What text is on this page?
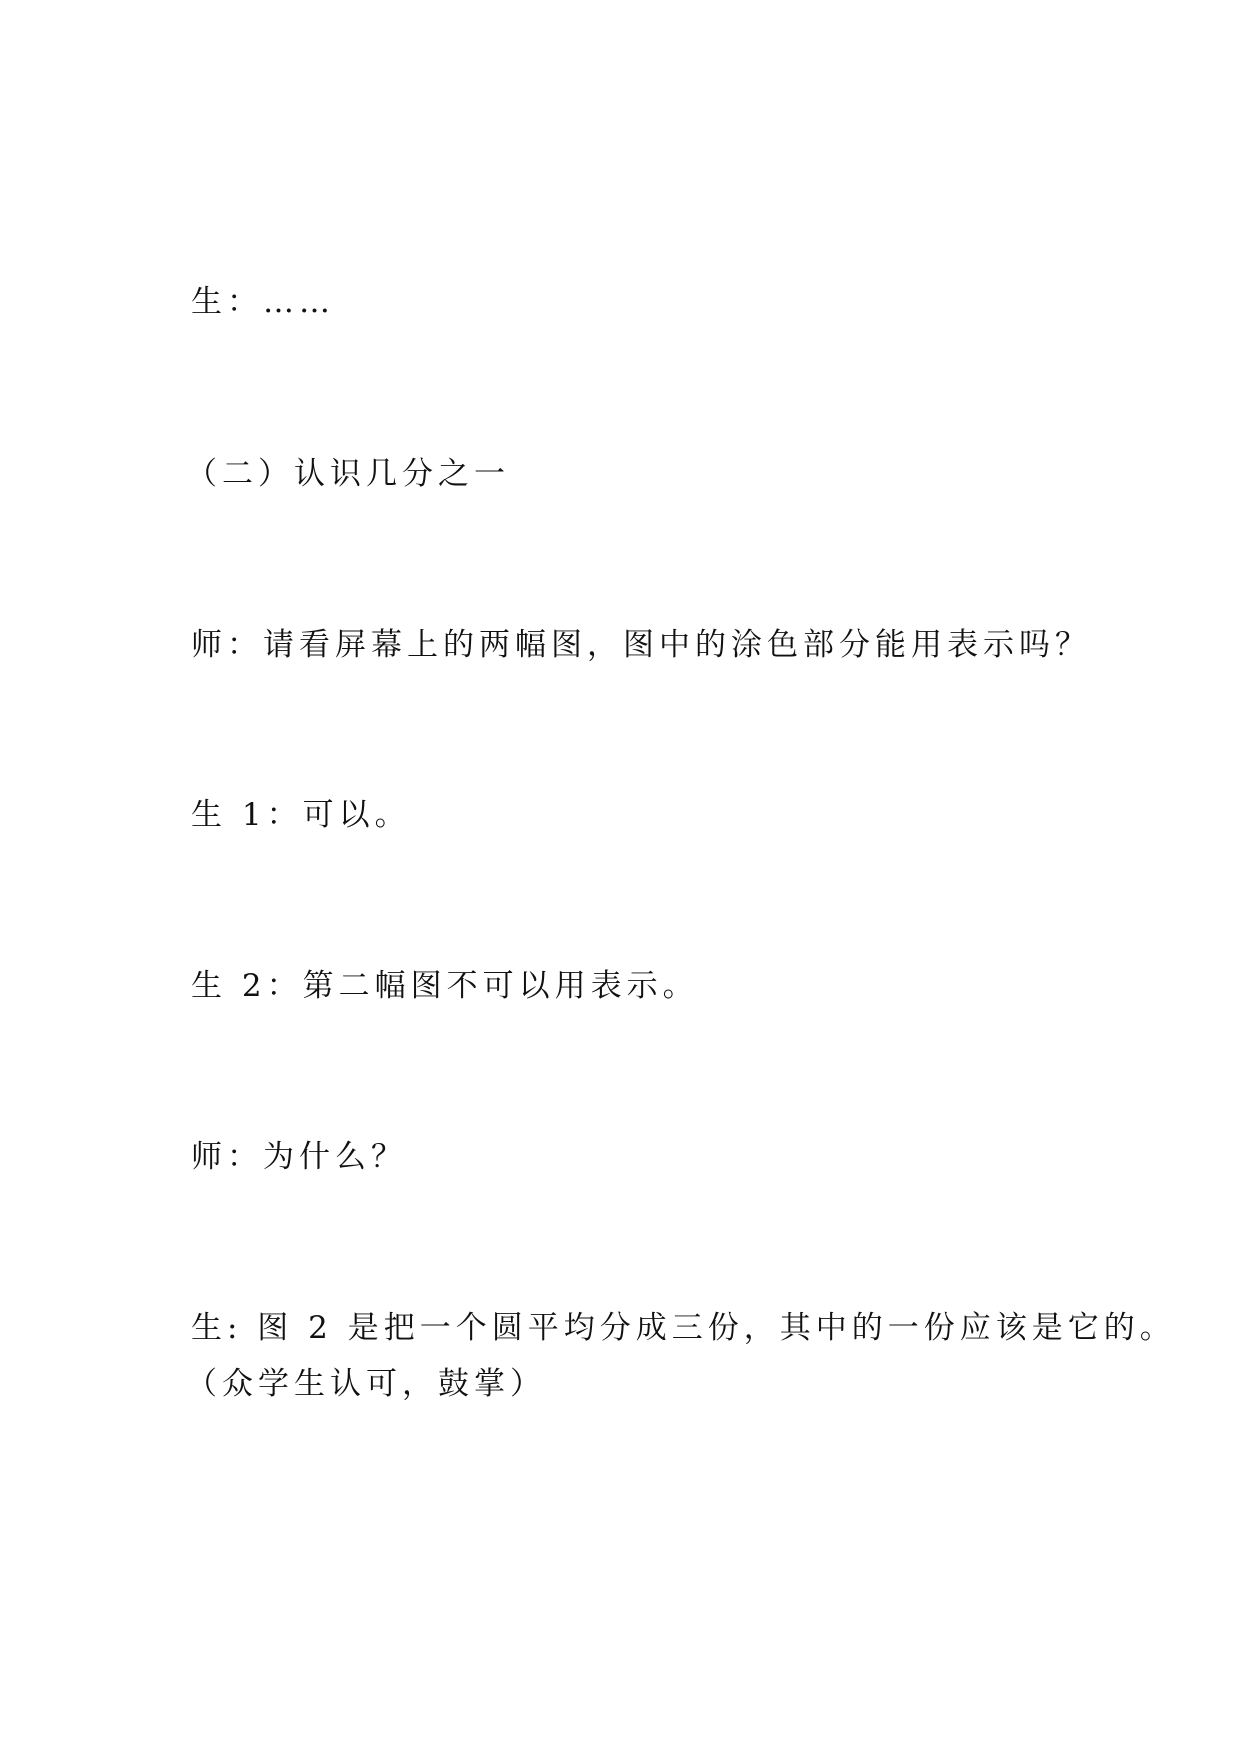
生：……
（二）认识几分之一
师：请看屏幕上的两幅图，图中的涂色部分能用表示吗？
生 1：可以。
生 2：第二幅图不可以用表示。
师：为什么？
生: 图 2 是把一个圆平均分成三份，其中的一份应该是它的。
（众学生认可，鼓掌）
